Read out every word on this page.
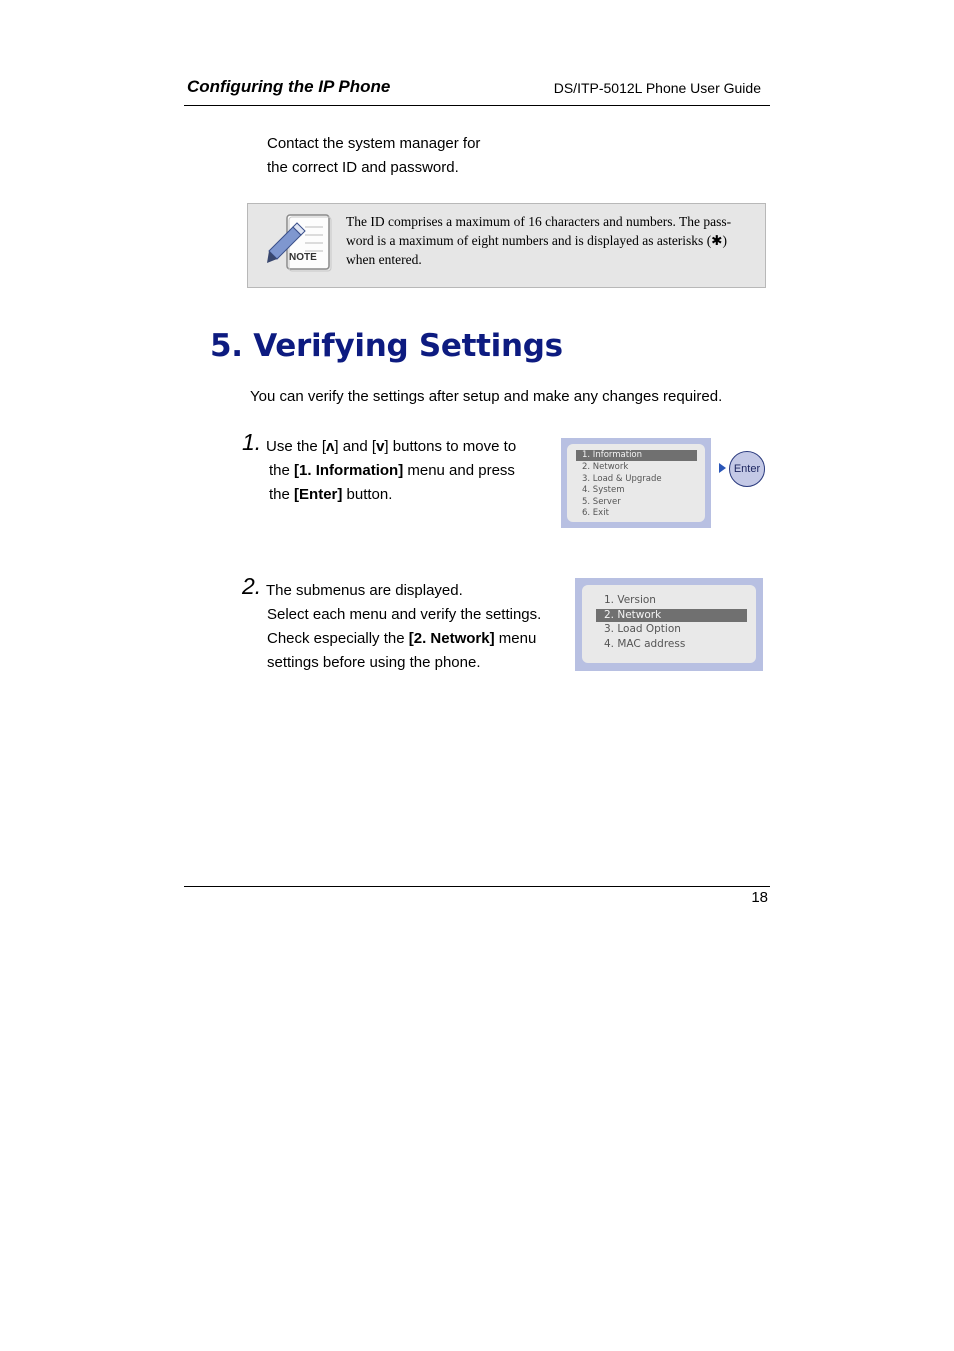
Configuring the IP Phone	DS/ITP-5012L Phone User Guide
Contact the system manager for
the correct ID and password.
NOTE
The ID comprises a maximum of 16 characters and numbers. The pass-
word is a maximum of eight numbers and is displayed as asterisks (✱)
when entered.
5. Verifying Settings
You can verify the settings after setup and make any changes required.
1. Use the [ʌ] and [v] buttons to move to
the [1. Information] menu and press
the [Enter] button.
1. Information
2. Network
3. Load & Upgrade
4. System
5. Server
6. Exit
Enter
2. The submenus are displayed.
Select each menu and verify the settings.
Check especially the [2. Network] menu
settings before using the phone.
1. Version
2. Network
3. Load Option
4. MAC address
18
